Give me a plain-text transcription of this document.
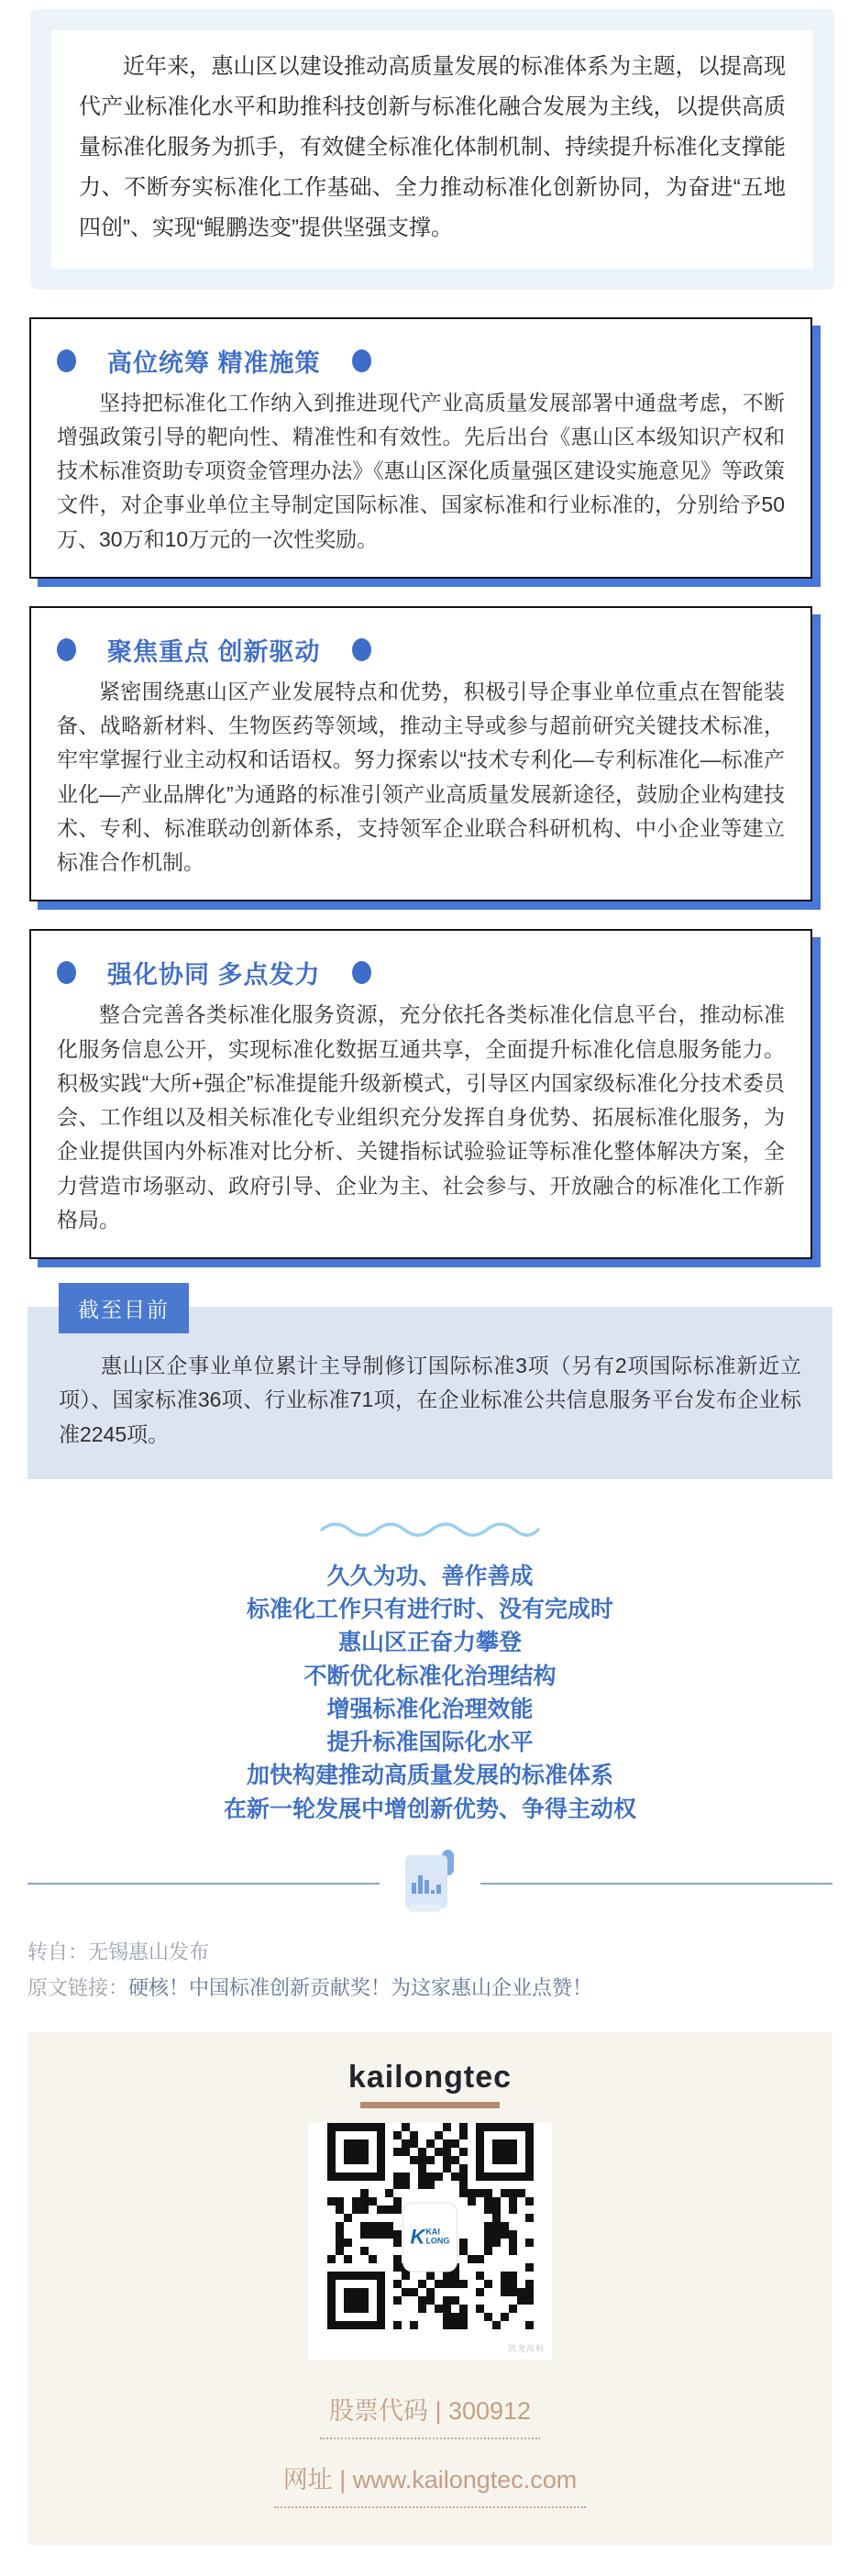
近年来，惠山区以建设推动高质量发展的标准体系为主题，以提高现代产业标准化水平和助推科技创新与标准化融合发展为主线，以提供高质量标准化服务为抓手，有效健全标准化体制机制、持续提升标准化支撑能力、不断夯实标准化工作基础、全力推动标准化创新协同，为奋进“五地四创”、实现“鲲鹏迭变”提供坚强支撑。

高位统筹 精准施策

坚持把标准化工作纳入到推进现代产业高质量发展部署中通盘考虑，不断增强政策引导的靶向性、精准性和有效性。先后出台《惠山区本级知识产权和技术标准资助专项资金管理办法》《惠山区深化质量强区建设实施意见》等政策文件，对企事业单位主导制定国际标准、国家标准和行业标准的，分别给予50万、30万和10万元的一次性奖励。

聚焦重点 创新驱动

紧密围绕惠山区产业发展特点和优势，积极引导企事业单位重点在智能装备、战略新材料、生物医药等领域，推动主导或参与超前研究关键技术标准，牢牢掌握行业主动权和话语权。努力探索以“技术专利化—专利标准化—标准产业化—产业品牌化”为通路的标准引领产业高质量发展新途径，鼓励企业构建技术、专利、标准联动创新体系，支持领军企业联合科研机构、中小企业等建立标准合作机制。

强化协同 多点发力

整合完善各类标准化服务资源，充分依托各类标准化信息平台，推动标准化服务信息公开，实现标准化数据互通共享，全面提升标准化信息服务能力。积极实践“大所+强企”标准提能升级新模式，引导区内国家级标准化分技术委员会、工作组以及相关标准化专业组织充分发挥自身优势、拓展标准化服务，为企业提供国内外标准对比分析、关键指标试验验证等标准化整体解决方案，全力营造市场驱动、政府引导、企业为主、社会参与、开放融合的标准化工作新格局。

截至目前

惠山区企事业单位累计主导制修订国际标准3项（另有2项国际标准新近立项）、国家标准36项、行业标准71项，在企业标准公共信息服务平台发布企业标准2245项。

久久为功、善作善成

标准化工作只有进行时、没有完成时

惠山区正奋力攀登

不断优化标准化治理结构

增强标准化治理效能

提升标准国际化水平

加快构建推动高质量发展的标准体系

在新一轮发展中增创新优势、争得主动权

转自：无锡惠山发布

原文链接：硬核！中国标准创新贡献奖！为这家惠山企业点赞！

kailongtec
K KAI
LONG
凯龙高科

股票代码 | 300912

网址 | www.kailongtec.com
